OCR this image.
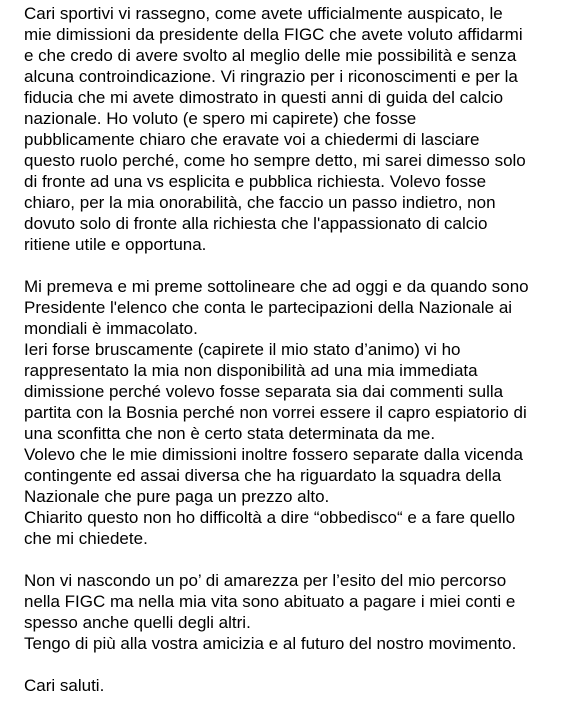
Cari sportivi vi rassegno, come avete ufficialmente auspicato, le
mie dimissioni da presidente della FIGC che avete voluto affidarmi
e che credo di avere svolto al meglio delle mie possibilità e senza
alcuna controindicazione. Vi ringrazio per i riconoscimenti e per la
fiducia che mi avete dimostrato in questi anni di guida del calcio
nazionale. Ho voluto (e spero mi capirete) che fosse
pubblicamente chiaro che eravate voi a chiedermi di lasciare
questo ruolo perché, come ho sempre detto, mi sarei dimesso solo
di fronte ad una vs esplicita e pubblica richiesta. Volevo fosse
chiaro, per la mia onorabilità, che faccio un passo indietro, non
dovuto solo di fronte alla richiesta che l'appassionato di calcio
ritiene utile e opportuna.

Mi premeva e mi preme sottolineare che ad oggi e da quando sono
Presidente l'elenco che conta le partecipazioni della Nazionale ai
mondiali è immacolato.
Ieri forse bruscamente (capirete il mio stato d’animo) vi ho
rappresentato la mia non disponibilità ad una mia immediata
dimissione perché volevo fosse separata sia dai commenti sulla
partita con la Bosnia perché non vorrei essere il capro espiatorio di
una sconfitta che non è certo stata determinata da me.
Volevo che le mie dimissioni inoltre fossero separate dalla vicenda
contingente ed assai diversa che ha riguardato la squadra della
Nazionale che pure paga un prezzo alto.
Chiarito questo non ho difficoltà a dire “obbedisco“ e a fare quello
che mi chiedete.

Non vi nascondo un po’ di amarezza per l’esito del mio percorso
nella FIGC ma nella mia vita sono abituato a pagare i miei conti e
spesso anche quelli degli altri.
Tengo di più alla vostra amicizia e al futuro del nostro movimento.

Cari saluti.
